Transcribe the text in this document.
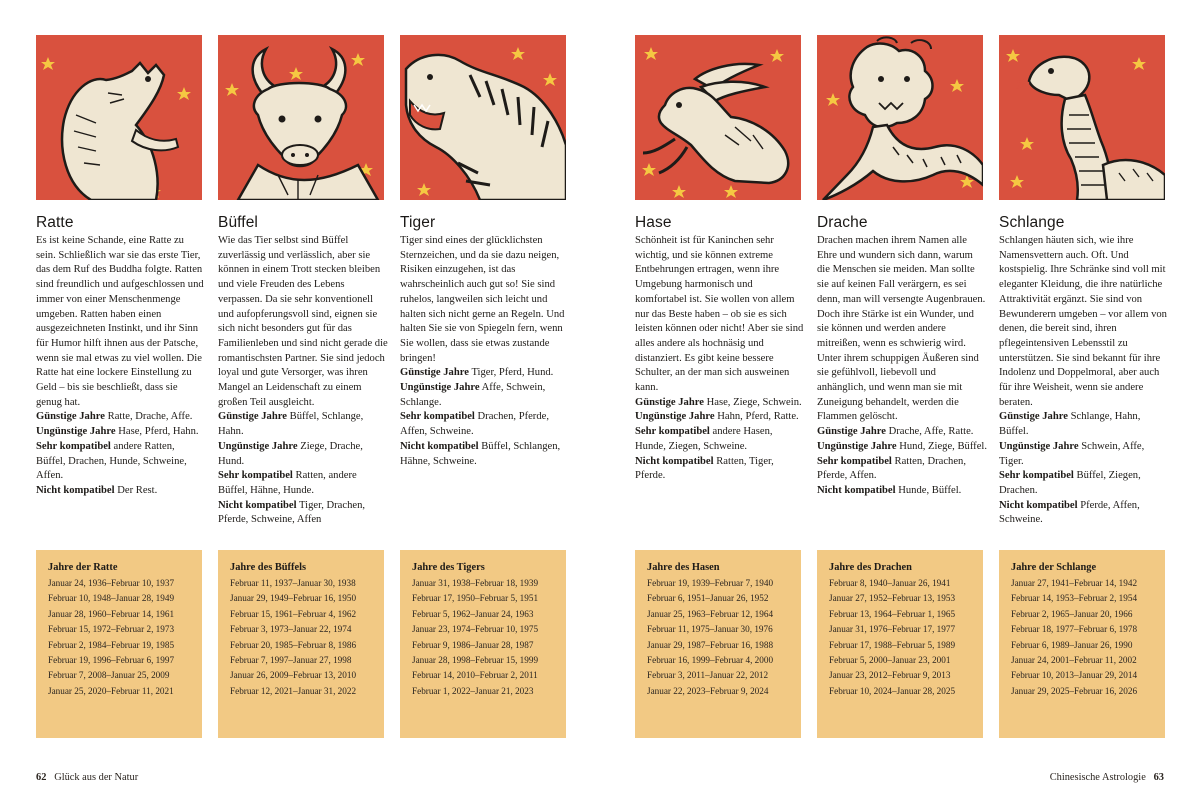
Ratte
Es ist keine Schande, eine Ratte zu sein. Schließlich war sie das erste Tier, das dem Ruf des Buddha folgte. Ratten sind freundlich und aufgeschlossen und immer von einer Menschenmenge umgeben. Ratten haben einen ausgezeichneten Instinkt, und ihr Sinn für Humor hilft ihnen aus der Patsche, wenn sie mal etwas zu viel wollen. Die Ratte hat eine lockere Einstellung zu Geld – bis sie beschließt, dass sie genug hat.
Günstige Jahre Ratte, Drache, Affe.
Ungünstige Jahre Hase, Pferd, Hahn.
Sehr kompatibel andere Ratten, Büffel, Drachen, Hunde, Schweine, Affen.
Nicht kompatibel Der Rest.
Jahre der Ratte
Januar 24, 1936–Februar 10, 1937
Februar 10, 1948–Januar 28, 1949
Januar 28, 1960–Februar 14, 1961
Februar 15, 1972–Februar 2, 1973
Februar 2, 1984–Februar 19, 1985
Februar 19, 1996–Februar 6, 1997
Februar 7, 2008–Januar 25, 2009
Januar 25, 2020–Februar 11, 2021
Büffel
Wie das Tier selbst sind Büffel zuverlässig und verlässlich, aber sie können in einem Trott stecken bleiben und viele Freuden des Lebens verpassen. Da sie sehr konventionell und aufopferungsvoll sind, eignen sie sich nicht besonders gut für das Familienleben und sind nicht gerade die romantischsten Partner. Sie sind jedoch loyal und gute Versorger, was ihren Mangel an Leidenschaft zu einem großen Teil ausgleicht.
Günstige Jahre Büffel, Schlange, Hahn.
Ungünstige Jahre Ziege, Drache, Hund.
Sehr kompatibel Ratten, andere Büffel, Hähne, Hunde.
Nicht kompatibel Tiger, Drachen, Pferde, Schweine, Affen
Jahre des Büffels
Februar 11, 1937–Januar 30, 1938
Januar 29, 1949–Februar 16, 1950
Februar 15, 1961–Februar 4, 1962
Februar 3, 1973–Januar 22, 1974
Februar 20, 1985–Februar 8, 1986
Februar 7, 1997–Januar 27, 1998
Januar 26, 2009–Februar 13, 2010
Februar 12, 2021–Januar 31, 2022
Tiger
Tiger sind eines der glücklichsten Sternzeichen, und da sie dazu neigen, Risiken einzugehen, ist das wahrscheinlich auch gut so! Sie sind ruhelos, langweilen sich leicht und halten sich nicht gerne an Regeln. Und halten Sie sie von Spiegeln fern, wenn Sie wollen, dass sie etwas zustande bringen!
Günstige Jahre Tiger, Pferd, Hund.
Ungünstige Jahre Affe, Schwein, Schlange.
Sehr kompatibel Drachen, Pferde, Affen, Schweine.
Nicht kompatibel Büffel, Schlangen, Hähne, Schweine.
Jahre des Tigers
Januar 31, 1938–Februar 18, 1939
Februar 17, 1950–Februar 5, 1951
Februar 5, 1962–Januar 24, 1963
Januar 23, 1974–Februar 10, 1975
Februar 9, 1986–Januar 28, 1987
Januar 28, 1998–Februar 15, 1999
Februar 14, 2010–Februar 2, 2011
Februar 1, 2022–Januar 21, 2023
Hase
Schönheit ist für Kaninchen sehr wichtig, und sie können extreme Entbehrungen ertragen, wenn ihre Umgebung harmonisch und komfortabel ist. Sie wollen von allem nur das Beste haben – ob sie es sich leisten können oder nicht! Aber sie sind alles andere als hochnäsig und distanziert. Es gibt keine bessere Schulter, an der man sich ausweinen kann.
Günstige Jahre Hase, Ziege, Schwein.
Ungünstige Jahre Hahn, Pferd, Ratte.
Sehr kompatibel andere Hasen, Hunde, Ziegen, Schweine.
Nicht kompatibel Ratten, Tiger, Pferde.
Jahre des Hasen
Februar 19, 1939–Februar 7, 1940
Februar 6, 1951–Januar 26, 1952
Januar 25, 1963–Februar 12, 1964
Februar 11, 1975–Januar 30, 1976
Januar 29, 1987–Februar 16, 1988
Februar 16, 1999–Februar 4, 2000
Februar 3, 2011–Januar 22, 2012
Januar 22, 2023–Februar 9, 2024
Drache
Drachen machen ihrem Namen alle Ehre und wundern sich dann, warum die Menschen sie meiden. Man sollte sie auf keinen Fall verärgern, es sei denn, man will versengte Augenbrauen. Doch ihre Stärke ist ein Wunder, und sie können und werden andere mitreißen, wenn es schwierig wird. Unter ihrem schuppigen Äußeren sind sie gefühlvoll, liebevoll und anhänglich, und wenn man sie mit Zuneigung behandelt, werden die Flammen gelöscht.
Günstige Jahre Drache, Affe, Ratte.
Ungünstige Jahre Hund, Ziege, Büffel.
Sehr kompatibel Ratten, Drachen, Pferde, Affen.
Nicht kompatibel Hunde, Büffel.
Jahre des Drachen
Februar 8, 1940–Januar 26, 1941
Januar 27, 1952–Februar 13, 1953
Februar 13, 1964–Februar 1, 1965
Januar 31, 1976–Februar 17, 1977
Februar 17, 1988–Februar 5, 1989
Februar 5, 2000–Januar 23, 2001
Januar 23, 2012–Februar 9, 2013
Februar 10, 2024–Januar 28, 2025
Schlange
Schlangen häuten sich, wie ihre Namensvettern auch. Oft. Und kostspielig. Ihre Schränke sind voll mit eleganter Kleidung, die ihre natürliche Attraktivität ergänzt. Sie sind von Bewunderern umgeben – vor allem von denen, die bereit sind, ihren pflegeintensiven Lebensstil zu unterstützen. Sie sind bekannt für ihre Indolenz und Doppelmoral, aber auch für ihre Weisheit, wenn sie andere beraten.
Günstige Jahre Schlange, Hahn, Büffel.
Ungünstige Jahre Schwein, Affe, Tiger.
Sehr kompatibel Büffel, Ziegen, Drachen.
Nicht kompatibel Pferde, Affen, Schweine.
Jahre der Schlange
Januar 27, 1941–Februar 14, 1942
Februar 14, 1953–Februar 2, 1954
Februar 2, 1965–Januar 20, 1966
Februar 18, 1977–Februar 6, 1978
Februar 6, 1989–Januar 26, 1990
Januar 24, 2001–Februar 11, 2002
Februar 10, 2013–Januar 29, 2014
Januar 29, 2025–Februar 16, 2026
62 Glück aus der Natur	Chinesische Astrologie 63
